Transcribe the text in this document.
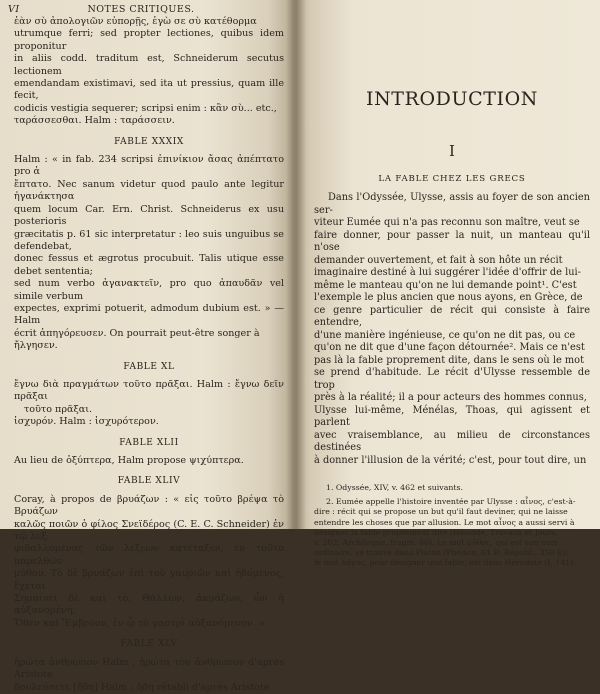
VI	NOTES CRITIQUES.

ἐὰν σὺ ἀπολογιῶν εὐπορῇς, ἐγὼ σε σὺ κατέθορμα

utrumque ferri; sed propter lectiones, quibus idem proponitur

in aliis codd. traditum est, Schneiderum secutus lectionem

emendandam existimavi, sed ita ut pressius, quam ille fecit,

codicis vestigia sequerer; scripsi enim : κἂν σὺ... etc.,

ταράσσεσθαι. Halm : ταράσσειν.

FABLE XXXIX

Halm : « in fab. 234 scripsi ἐπινίκιον ἄσας ἀπέπτατο pro ἀ

ἔπτατο. Nec sanum videtur quod paulo ante legitur ἠγανάκτησα

quem locum Car. Ern. Christ. Schneiderus ex usu posterioris

græcitatis p. 61 sic interpretatur : leo suis unguibus se defendebat,

donec fessus et ægrotus procubuit. Talis utique esse debet sententia;

sed num verbo ἀγανακτεῖν, pro quo ἀπαυδᾶν vel simile verbum

expectes, exprimi potuerit, admodum dubium est. » — Halm

écrit ἀπηγόρευσεν. On pourrait peut-être songer à

ἤλγησεν.

FABLE XL

ἔγνω διὰ πραγμάτων τοῦτο πρᾶξαι. Halm : ἔγνω δεῖν πρᾶξαι

τοῦτο πρᾶξαι.

ἰσχυρόν. Halm : ἰσχυρότερον.

FABLE XLII

Au lieu de ὀξύπτερα, Halm propose ψιχύπτερα.

FABLE XLIV

Coray, à propos de βρυάζων : « εἰς τοῦτο βρέψα τὸ Βρυάζων

καλῶς ποιῶν ὁ φίλος Σνεϊδέρος (C. E. C. Schneider) ἐν τῷ λεξ.

φιδαλλομένας τῶν λέξεων κατέταξεν, ἐν τοῦτο παρελθών

μύθου. Τὸ δὲ βρυάζων ἐπὶ τοῦ γαυριῶν καὶ ἡδόμενος, ἔχεται

Σημαίνει δὲ καὶ τὸ, Θάλλων, ἀκμάζων, ὧν ἡ αὐξανομένη,

Ὅθεν καὶ Ἔμβρυον, ἐν ᾧ τὸ γαστρὶ αὐξανόμενον. »

FABLE XLV

ἠρώτα ἄνθρωπον Halm ; ἠρώτα τὸν ἄνθρωπον d'après Aristote

δουλεύσετε [ἤδη] Halm ; ἤδη rétabli d'après Aristote

INTRODUCTION
I
LA FABLE CHEZ LES GRECS

Dans l'Odyssée, Ulysse, assis au foyer de son ancien ser-

viteur Eumée qui n'a pas reconnu son maître, veut se

faire donner, pour passer la nuit, un manteau qu'il n'ose

demander ouvertement, et fait à son hôte un récit

imaginaire destiné à lui suggérer l'idée d'offrir de lui-

même le manteau qu'on ne lui demande point¹. C'est

l'exemple le plus ancien que nous ayons, en Grèce, de

ce genre particulier de récit qui consiste à faire entendre,

d'une manière ingénieuse, ce qu'on ne dit pas, ou ce

qu'on ne dit que d'une façon détournée². Mais ce n'est

pas là la fable proprement dite, dans le sens où le mot

se prend d'habitude. Le récit d'Ulysse ressemble de trop

près à la réalité; il a pour acteurs des hommes connus,

Ulysse lui-même, Ménélas, Thoas, qui agissent et parlent

avec vraisemblance, au milieu de circonstances destinées

à donner l'illusion de la vérité; c'est, pour tout dire, un

1. Odyssée, XIV, v. 462 et suivants.

2. Eumée appelle l'histoire inventée par Ulysse : αἶνος, c'est-à-

dire : récit qui se propose un but qu'il faut deviner, qui ne laisse

entendre les choses que par allusion. Le mot αἶνος a aussi servi à

désigner la fable proprement dite (Hésiode, Travaux et Jours,

v. 202; Archiloque, fragm. 86). Le mot μῦθος, qui est son nom

ordinaire, se trouve dans Platon (Phédon, 61 B; Républ., 350 E);

le mot λόγος, pour désigner une fable, est dans Hérodote (I, 141).
